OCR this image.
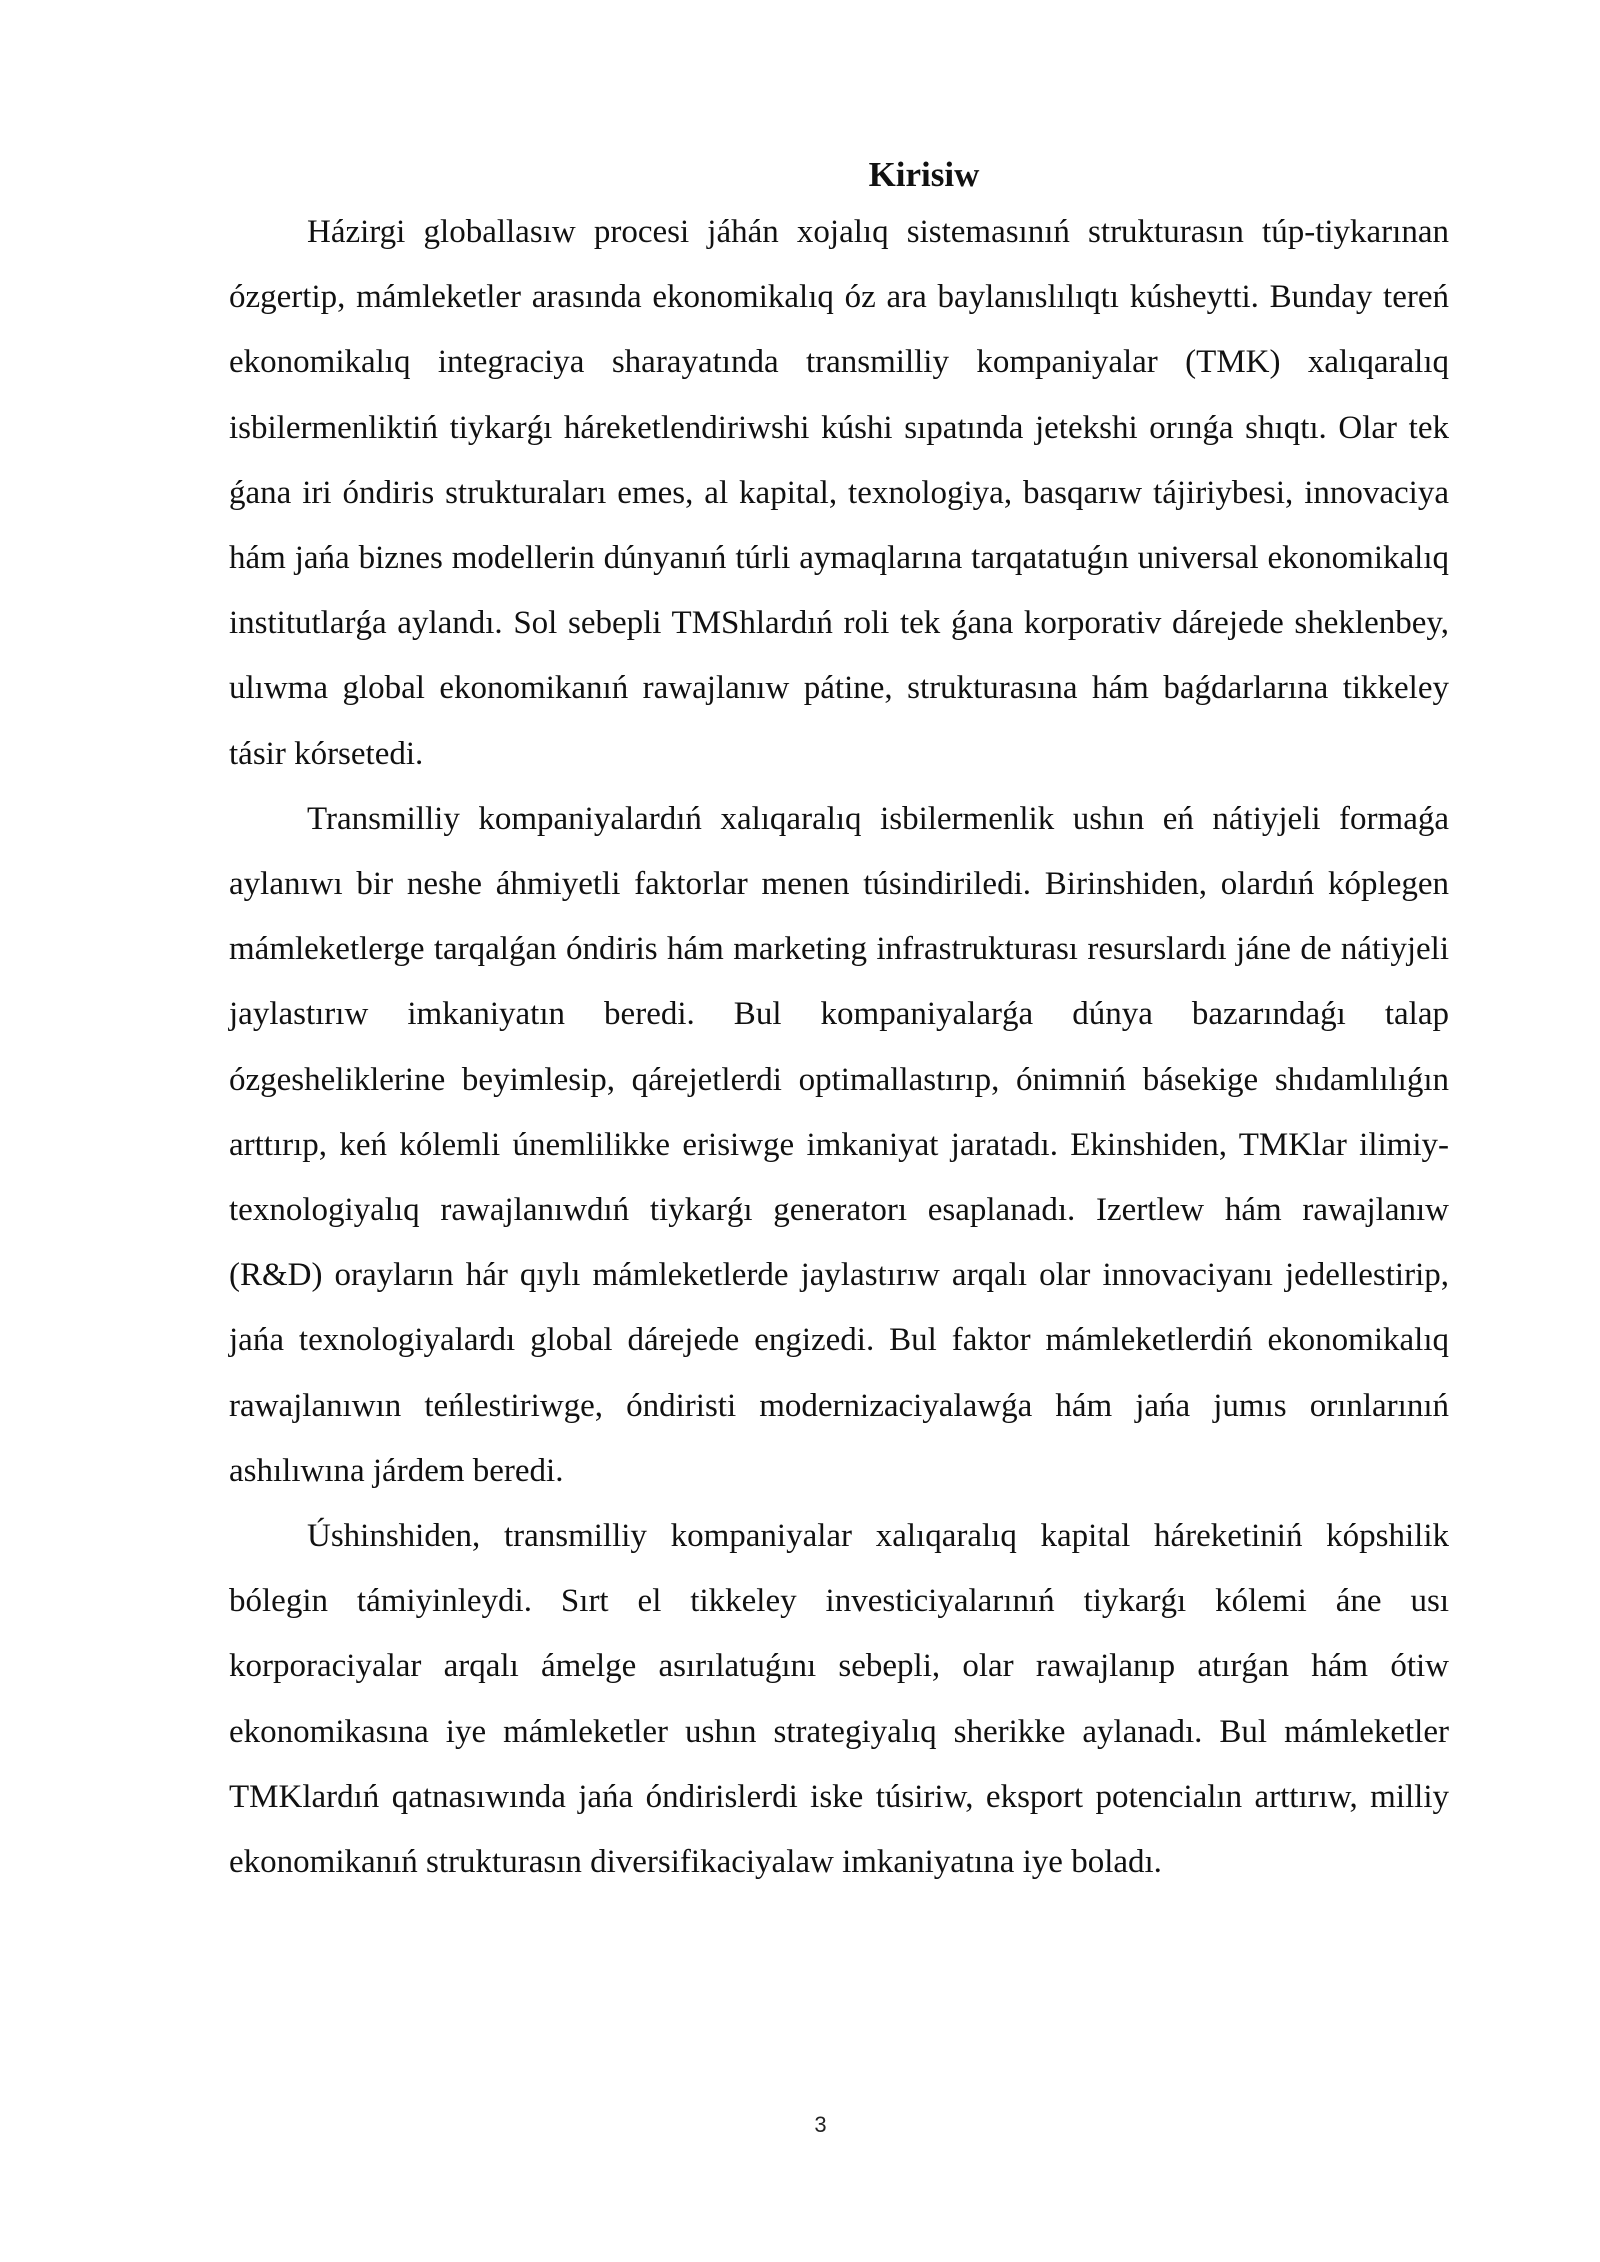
Kirisiw

Házirgi globallasıw procesi jáhán xojalıq sistemasınıń strukturasın túp-tiykarınan ózgertip, mámleketler arasında ekonomikalıq óz ara baylanıslılıqtı kúsheytti. Bunday tereń ekonomikalıq integraciya sharayatında transmilliy kompaniyalar (TMK) xalıqaralıq isbilermenliktiń tiykarǵı háreketlendiriwshi kúshi sıpatında jetekshi orınǵa shıqtı. Olar tek ǵana iri óndiris strukturaları emes, al kapital, texnologiya, basqarıw tájiriybesi, innovaciya hám jańa biznes modellerin dúnyanıń túrli aymaqlarına tarqatatuǵın universal ekonomikalıq institutlarǵa aylandı. Sol sebepli TMShlardıń roli tek ǵana korporativ dárejede sheklenbey, ulıwma global ekonomikanıń rawajlanıw pátine, strukturasına hám baǵdarlarına tikkeley tásir kórsetedi.

Transmilliy kompaniyalardıń xalıqaralıq isbilermenlik ushın eń nátiyjeli formaǵa aylanıwı bir neshe áhmiyetli faktorlar menen túsindiriledi. Birinshiden, olardıń kóplegen mámleketlerge tarqalǵan óndiris hám marketing infrastrukturası resurslardı jáne de nátiyjeli jaylastırıw imkaniyatın beredi. Bul kompaniyalarǵa dúnya bazarındaǵı talap ózgesheliklerine beyimlesip, qárejetlerdi optimallastırıp, ónimniń básekige shıdamlılıǵın arttırıp, keń kólemli únemlilikke erisiwge imkaniyat jaratadı. Ekinshiden, TMKlar ilimiy-texnologiyalıq rawajlanıwdıń tiykarǵı generatorı esaplanadı. Izertlew hám rawajlanıw (R&D) orayların hár qıylı mámleketlerde jaylastırıw arqalı olar innovaciyanı jedellestirip, jańa texnologiyalardı global dárejede engizedi. Bul faktor mámleketlerdiń ekonomikalıq rawajlanıwın teńlestiriwge, óndiristi modernizaciyalawǵa hám jańa jumıs orınlarınıń ashılıwına járdem beredi.

Úshinshiden, transmilliy kompaniyalar xalıqaralıq kapital háreketiniń kópshilik bólegin támiyinleydi. Sırt el tikkeley investiciyalarınıń tiykarǵı kólemi áne usı korporaciyalar arqalı ámelge asırılatuǵını sebepli, olar rawajlanıp atırǵan hám ótiw ekonomikasına iye mámleketler ushın strategiyalıq sherikke aylanadı. Bul mámleketler TMKlardıń qatnasıwında jańa óndirislerdi iske túsiriw, eksport potencialın arttırıw, milliy ekonomikanıń strukturasın diversifikaciyalaw imkaniyatına iye boladı.

3
